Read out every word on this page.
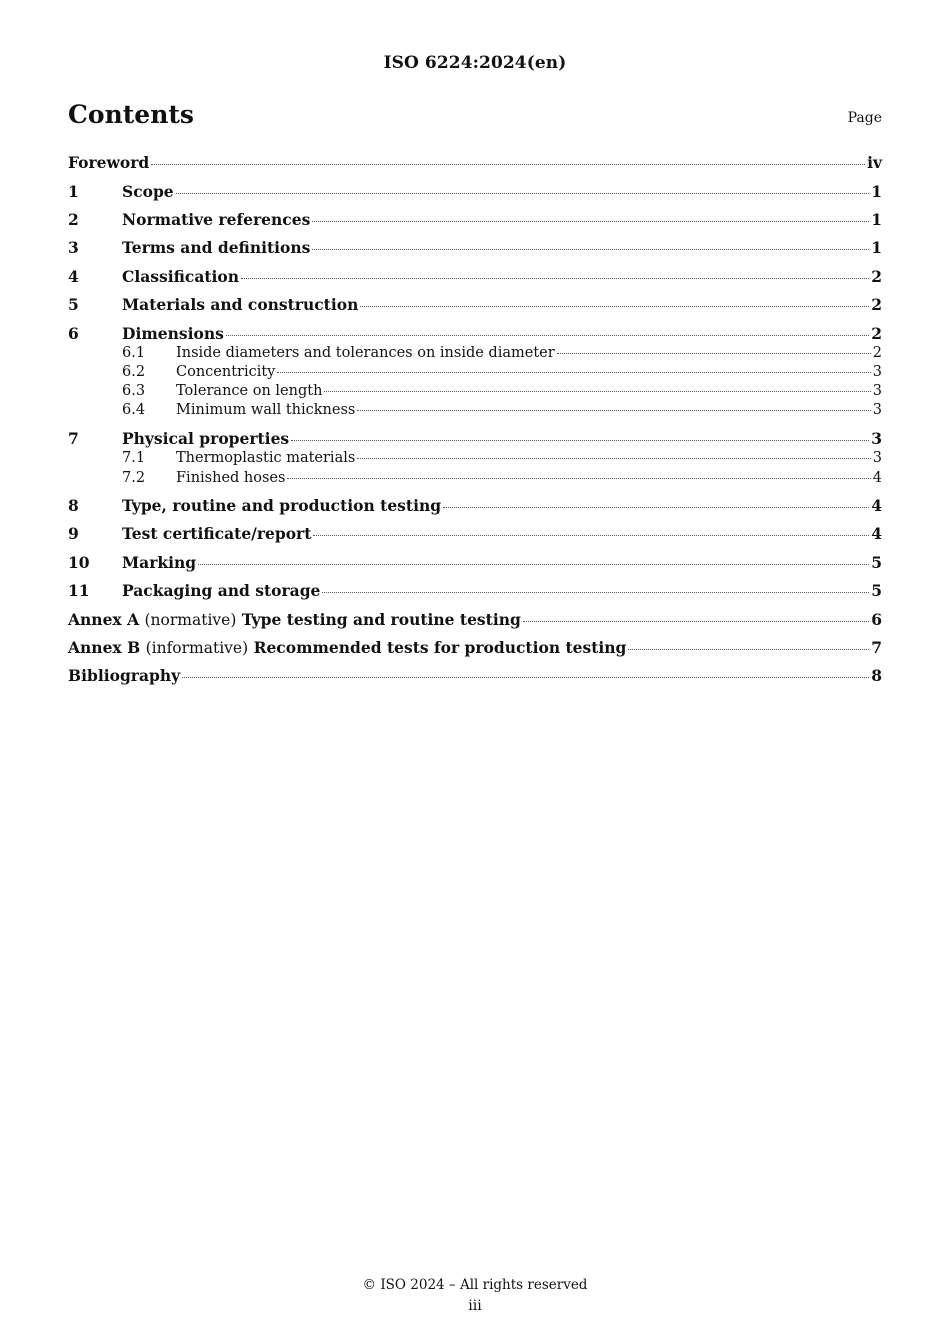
ISO 6224:2024(en)
Contents	Page
Foreword	iv
1	Scope	1
2	Normative references	1
3	Terms and definitions	1
4	Classification	2
5	Materials and construction	2
6	Dimensions	2
6.1	Inside diameters and tolerances on inside diameter	2
6.2	Concentricity	3
6.3	Tolerance on length	3
6.4	Minimum wall thickness	3
7	Physical properties	3
7.1	Thermoplastic materials	3
7.2	Finished hoses	4
8	Type, routine and production testing	4
9	Test certificate/report	4
10	Marking	5
11	Packaging and storage	5
Annex A (normative) Type testing and routine testing	6
Annex B (informative) Recommended tests for production testing	7
Bibliography	8
© ISO 2024 – All rights reserved
iii
